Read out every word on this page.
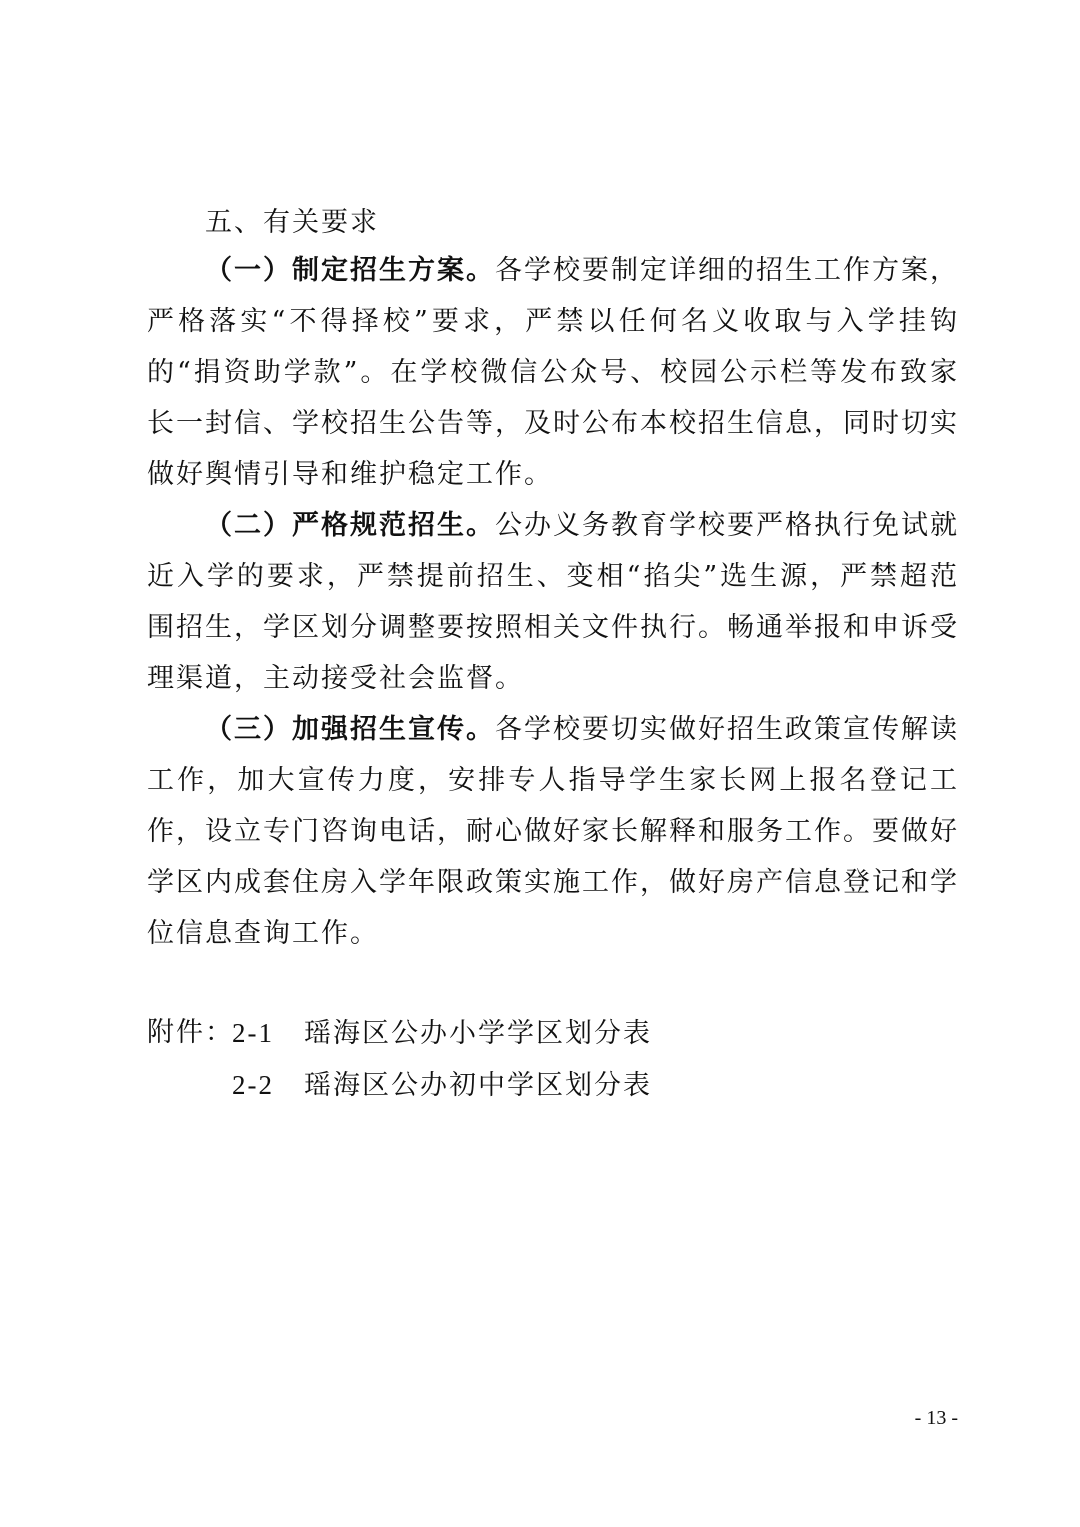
五、有关要求

（一）制定招生方案。各学校要制定详细的招生工作方案，严格落实“不得择校”要求，严禁以任何名义收取与入学挂钩的“捐资助学款”。在学校微信公众号、校园公示栏等发布致家长一封信、学校招生公告等，及时公布本校招生信息，同时切实做好舆情引导和维护稳定工作。

（二）严格规范招生。公办义务教育学校要严格执行免试就近入学的要求，严禁提前招生、变相“掐尖”选生源，严禁超范围招生，学区划分调整要按照相关文件执行。畅通举报和申诉受理渠道，主动接受社会监督。

（三）加强招生宣传。各学校要切实做好招生政策宣传解读工作，加大宣传力度，安排专人指导学生家长网上报名登记工作，设立专门咨询电话，耐心做好家长解释和服务工作。要做好学区内成套住房入学年限政策实施工作，做好房产信息登记和学位信息查询工作。

附件：
2-1 瑶海区公办小学学区划分表
2-2 瑶海区公办初中学区划分表
- 13 -
